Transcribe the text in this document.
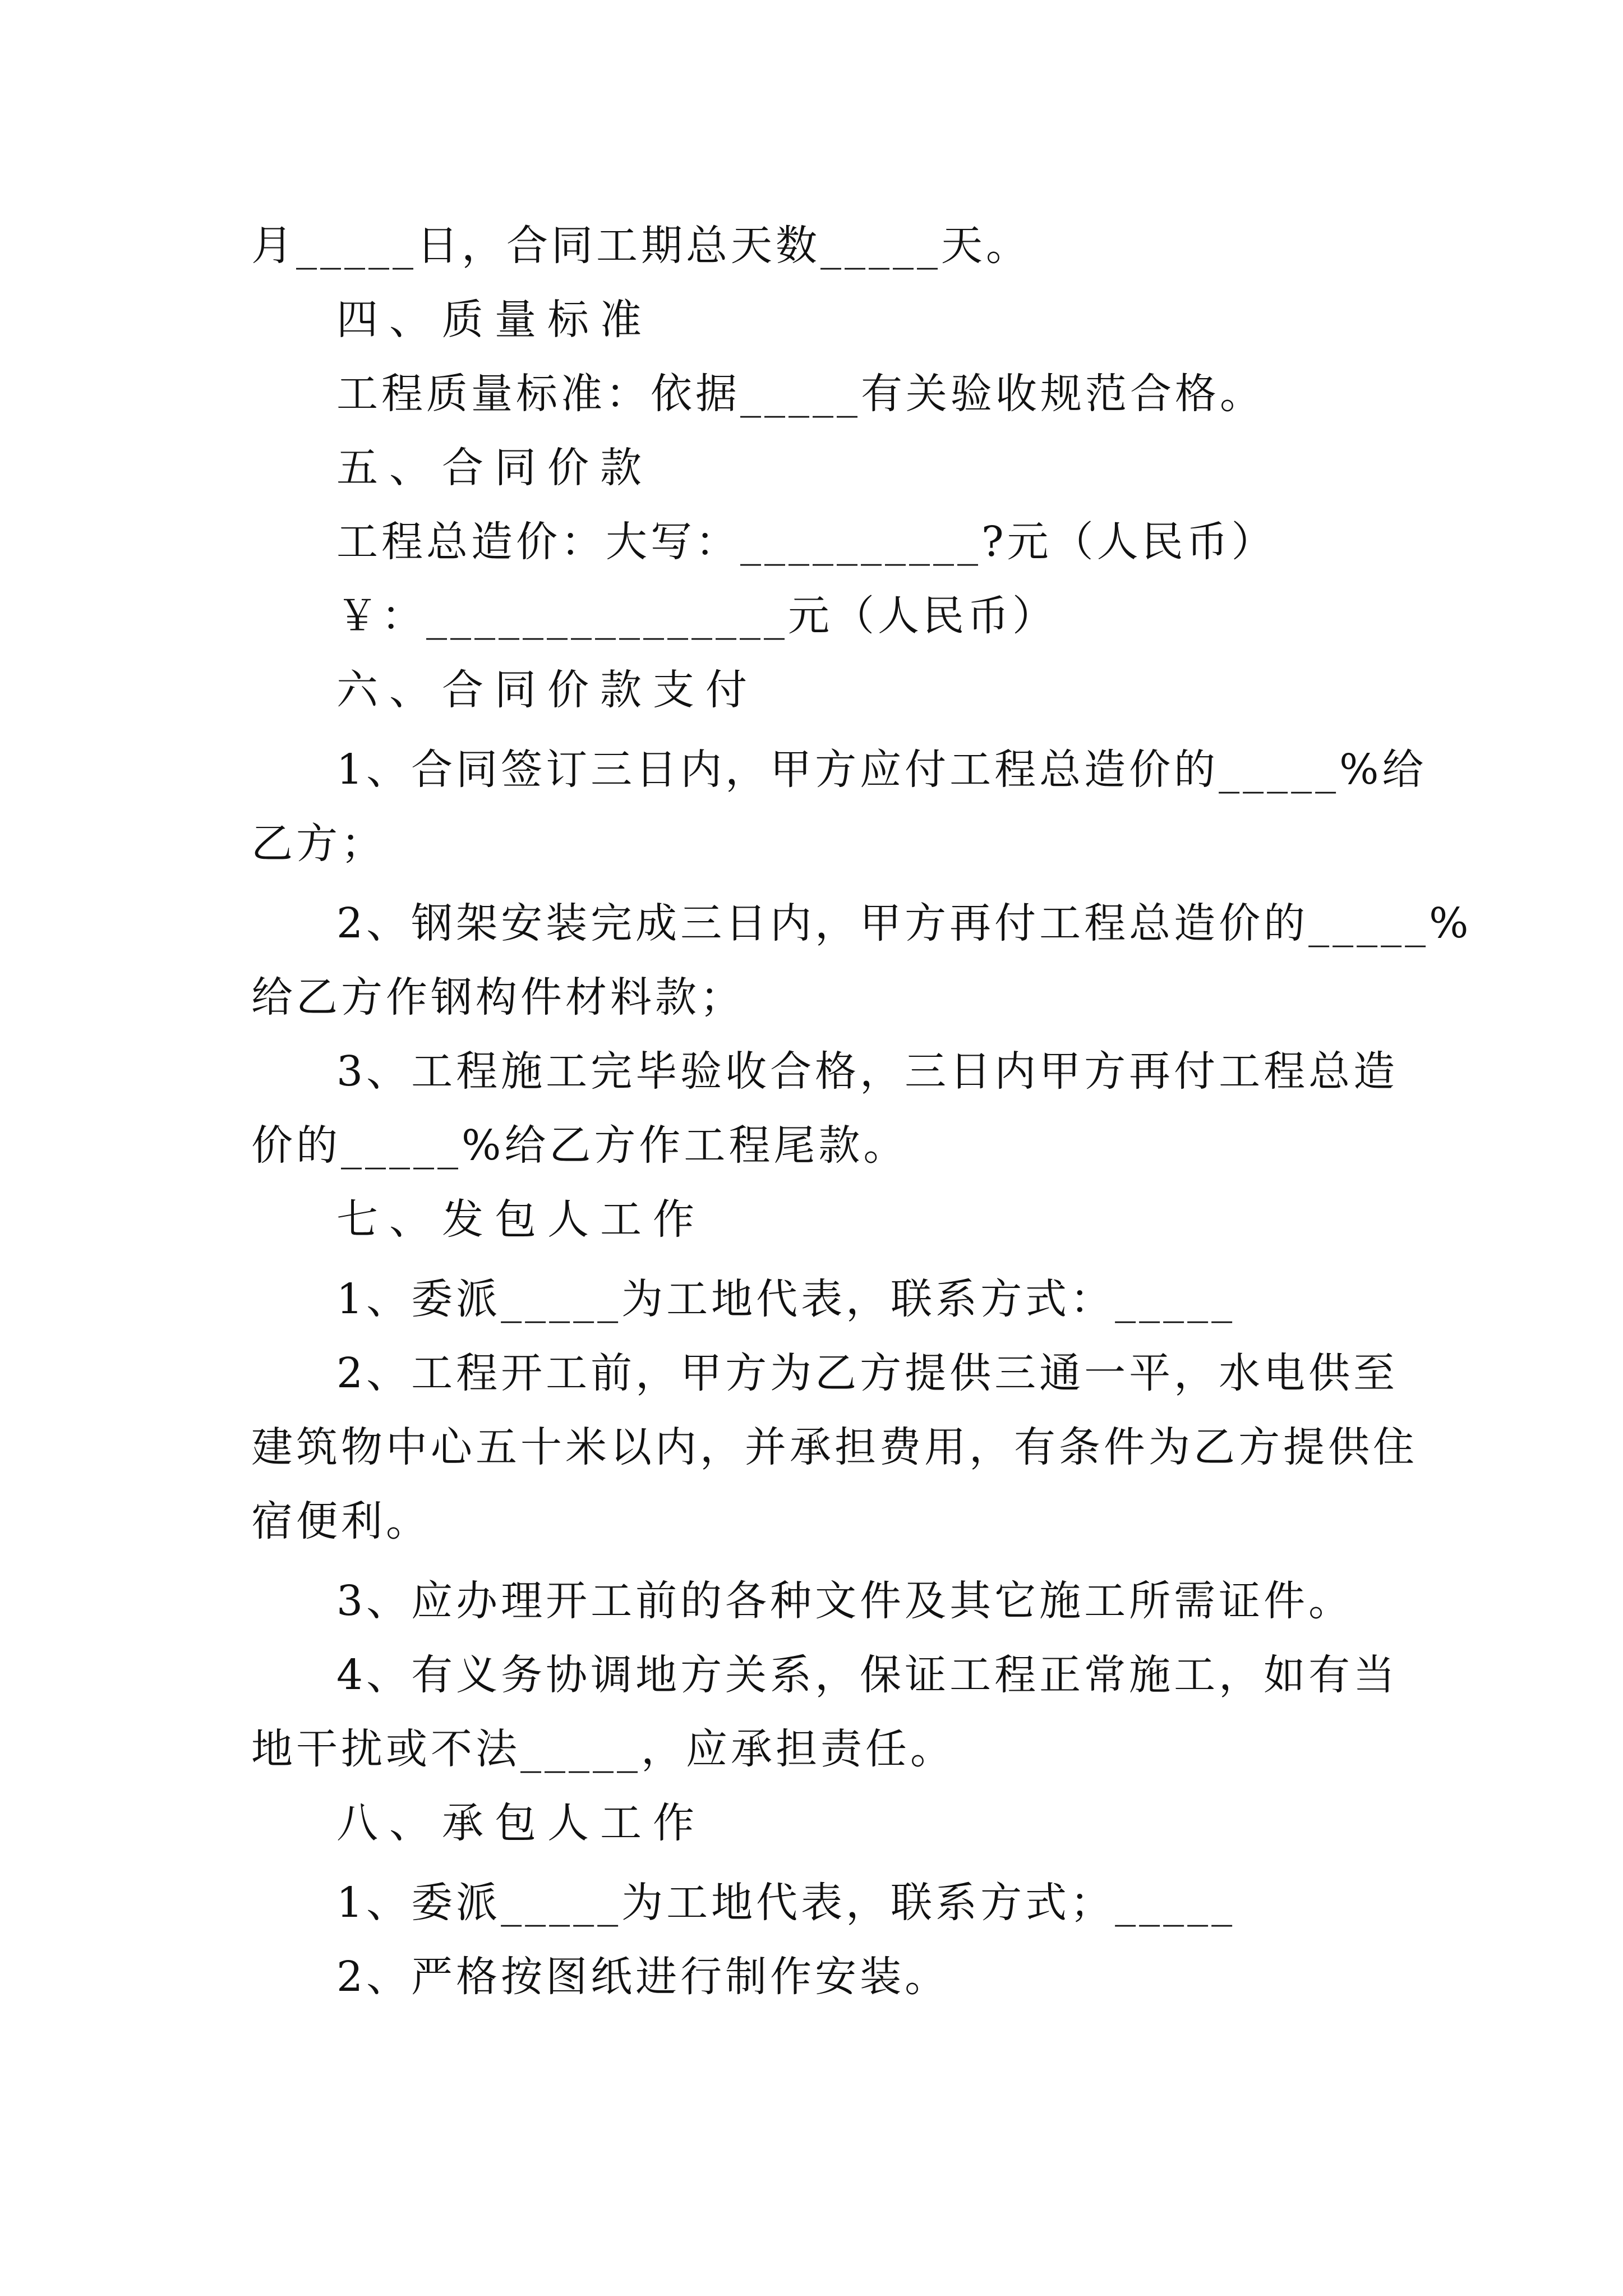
月_____日，合同工期总天数_____天。
四、质量标准
工程质量标准：依据_____有关验收规范合格。
五、合同价款
工程总造价：大写：__________?元（人民币）
￥：_______________元（人民币）
六、合同价款支付
1、合同签订三日内，甲方应付工程总造价的_____%给
乙方；
2、钢架安装完成三日内，甲方再付工程总造价的_____%
给乙方作钢构件材料款；
3、工程施工完毕验收合格，三日内甲方再付工程总造
价的_____%给乙方作工程尾款。
七、发包人工作
1、委派_____为工地代表，联系方式：_____
2、工程开工前，甲方为乙方提供三通一平，水电供至
建筑物中心五十米以内，并承担费用，有条件为乙方提供住
宿便利。
3、应办理开工前的各种文件及其它施工所需证件。
4、有义务协调地方关系，保证工程正常施工，如有当
地干扰或不法_____，应承担责任。
八、承包人工作
1、委派_____为工地代表，联系方式；_____
2、严格按图纸进行制作安装。
